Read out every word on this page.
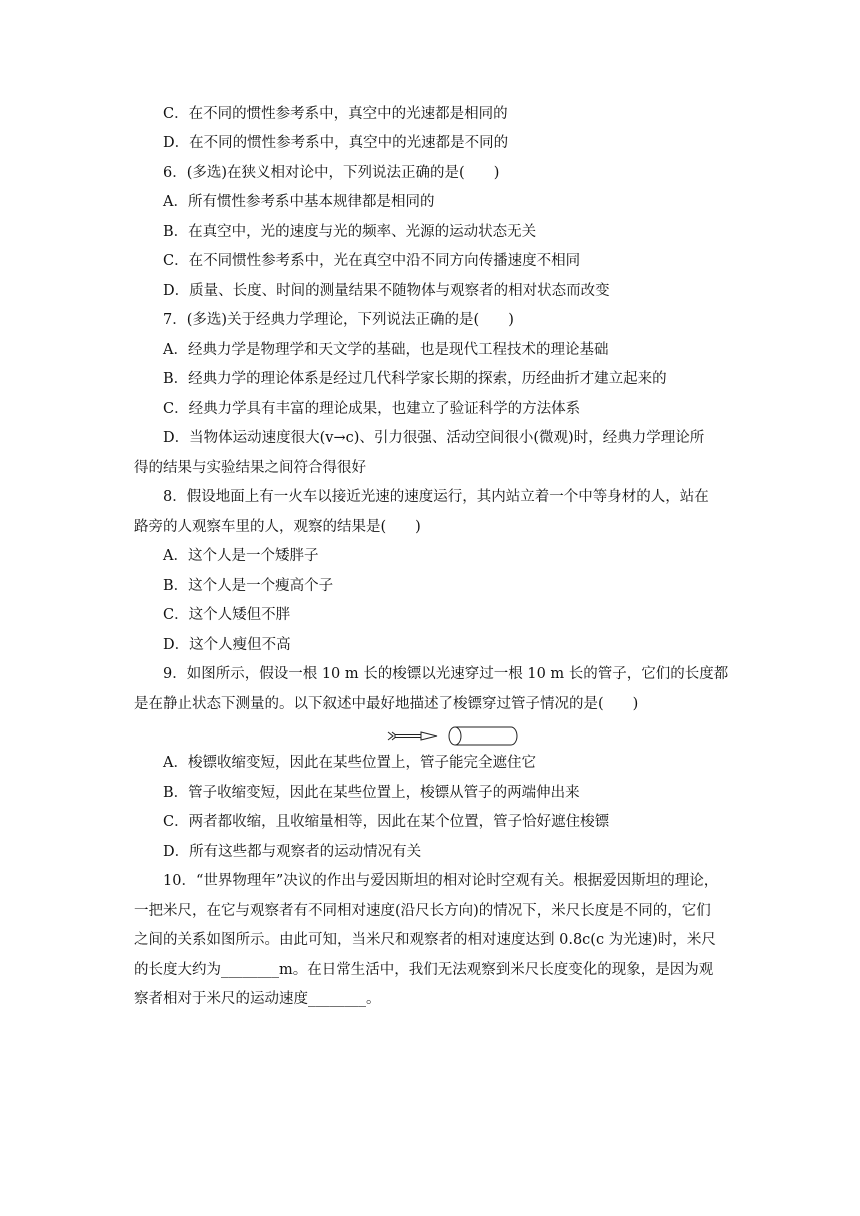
C．在不同的惯性参考系中，真空中的光速都是相同的
D．在不同的惯性参考系中，真空中的光速都是不同的
6．(多选)在狭义相对论中，下列说法正确的是(　　)
A．所有惯性参考系中基本规律都是相同的
B．在真空中，光的速度与光的频率、光源的运动状态无关
C．在不同惯性参考系中，光在真空中沿不同方向传播速度不相同
D．质量、长度、时间的测量结果不随物体与观察者的相对状态而改变
7．(多选)关于经典力学理论，下列说法正确的是(　　)
A．经典力学是物理学和天文学的基础，也是现代工程技术的理论基础
B．经典力学的理论体系是经过几代科学家长期的探索，历经曲折才建立起来的
C．经典力学具有丰富的理论成果，也建立了验证科学的方法体系
D．当物体运动速度很大(v→c)、引力很强、活动空间很小(微观)时，经典力学理论所
得的结果与实验结果之间符合得很好
8．假设地面上有一火车以接近光速的速度运行，其内站立着一个中等身材的人，站在
路旁的人观察车里的人，观察的结果是(　　)
A．这个人是一个矮胖子
B．这个人是一个瘦高个子
C．这个人矮但不胖
D．这个人瘦但不高
9．如图所示，假设一根 10 m 长的梭镖以光速穿过一根 10 m 长的管子，它们的长度都
是在静止状态下测量的。以下叙述中最好地描述了梭镖穿过管子情况的是(　　)
A．梭镖收缩变短，因此在某些位置上，管子能完全遮住它
B．管子收缩变短，因此在某些位置上，梭镖从管子的两端伸出来
C．两者都收缩，且收缩量相等，因此在某个位置，管子恰好遮住梭镖
D．所有这些都与观察者的运动情况有关
10．“世界物理年”决议的作出与爱因斯坦的相对论时空观有关。根据爱因斯坦的理论，
一把米尺，在它与观察者有不同相对速度(沿尺长方向)的情况下，米尺长度是不同的，它们
之间的关系如图所示。由此可知，当米尺和观察者的相对速度达到 0.8c(c 为光速)时，米尺
的长度大约为________m。在日常生活中，我们无法观察到米尺长度变化的现象，是因为观
察者相对于米尺的运动速度________。
